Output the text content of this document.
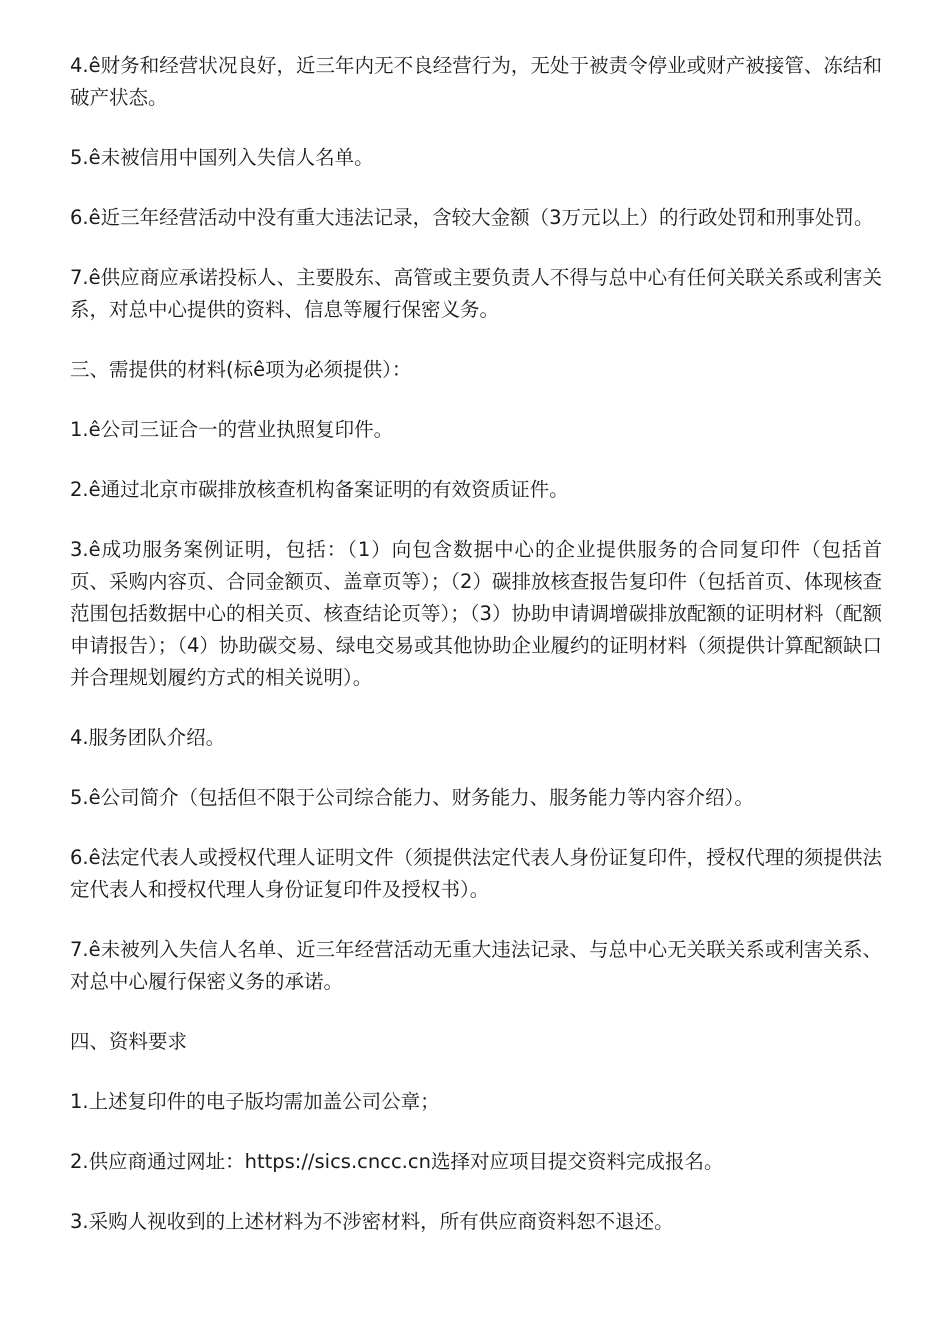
4.ê财务和经营状况良好，近三年内无不良经营行为，无处于被责令停业或财产被接管、冻结和破产状态。

5.ê未被信用中国列入失信人名单。

6.ê近三年经营活动中没有重大违法记录，含较大金额（3万元以上）的行政处罚和刑事处罚。

7.ê供应商应承诺投标人、主要股东、高管或主要负责人不得与总中心有任何关联关系或利害关系，对总中心提供的资料、信息等履行保密义务。

三、需提供的材料(标ê项为必须提供）：

1.ê公司三证合一的营业执照复印件。

2.ê通过北京市碳排放核查机构备案证明的有效资质证件。

3.ê成功服务案例证明，包括：（1）向包含数据中心的企业提供服务的合同复印件（包括首页、采购内容页、合同金额页、盖章页等）；（2）碳排放核查报告复印件（包括首页、体现核查范围包括数据中心的相关页、核查结论页等）；（3）协助申请调增碳排放配额的证明材料（配额申请报告）；（4）协助碳交易、绿电交易或其他协助企业履约的证明材料（须提供计算配额缺口并合理规划履约方式的相关说明）。

4.服务团队介绍。

5.ê公司简介（包括但不限于公司综合能力、财务能力、服务能力等内容介绍）。

6.ê法定代表人或授权代理人证明文件（须提供法定代表人身份证复印件，授权代理的须提供法定代表人和授权代理人身份证复印件及授权书）。

7.ê未被列入失信人名单、近三年经营活动无重大违法记录、与总中心无关联关系或利害关系、对总中心履行保密义务的承诺。

四、资料要求

1.上述复印件的电子版均需加盖公司公章；

2.供应商通过网址：https://sics.cncc.cn选择对应项目提交资料完成报名。

3.采购人视收到的上述材料为不涉密材料，所有供应商资料恕不退还。
